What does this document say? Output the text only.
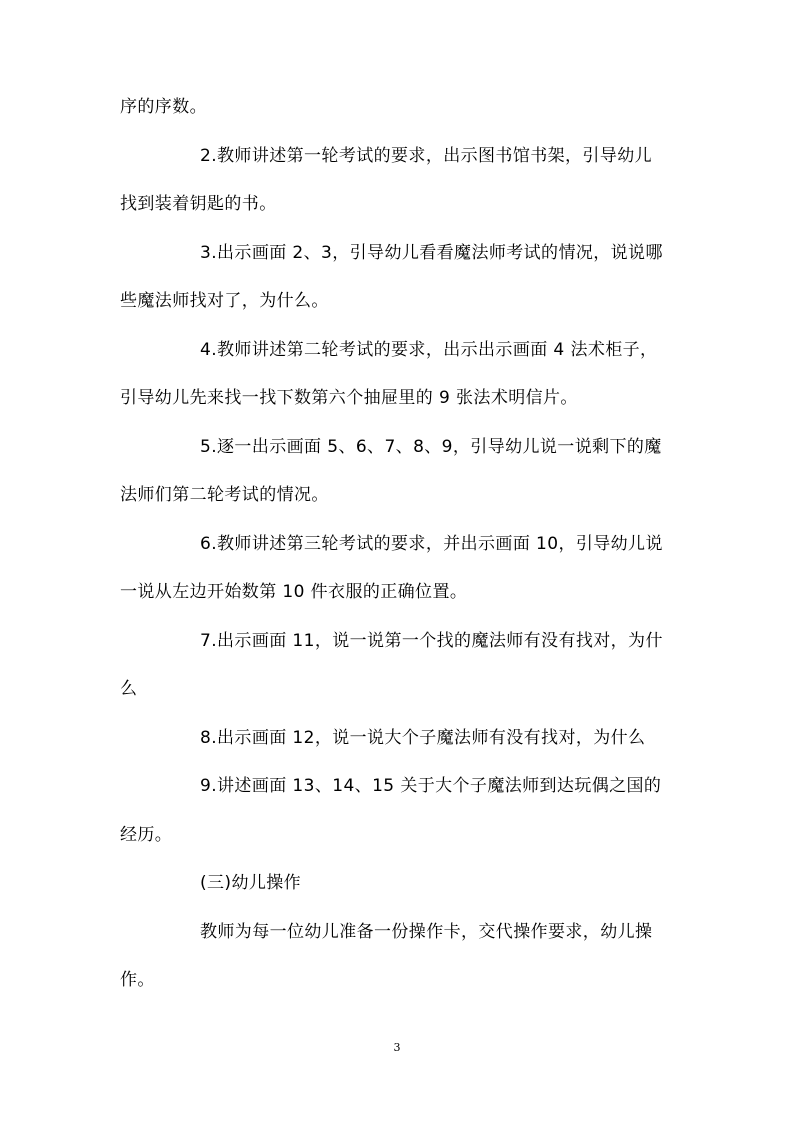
序的序数。
2.教师讲述第一轮考试的要求，出示图书馆书架，引导幼儿
找到装着钥匙的书。
3.出示画面 2、3，引导幼儿看看魔法师考试的情况，说说哪
些魔法师找对了，为什么。
4.教师讲述第二轮考试的要求，出示出示画面 4 法术柜子，
引导幼儿先来找一找下数第六个抽屉里的 9 张法术明信片。
5.逐一出示画面 5、6、7、8、9，引导幼儿说一说剩下的魔
法师们第二轮考试的情况。
6.教师讲述第三轮考试的要求，并出示画面 10，引导幼儿说
一说从左边开始数第 10 件衣服的正确位置。
7.出示画面 11，说一说第一个找的魔法师有没有找对，为什
么
8.出示画面 12，说一说大个子魔法师有没有找对，为什么
9.讲述画面 13、14、15 关于大个子魔法师到达玩偶之国的
经历。
(三)幼儿操作
教师为每一位幼儿准备一份操作卡，交代操作要求，幼儿操
作。
3
